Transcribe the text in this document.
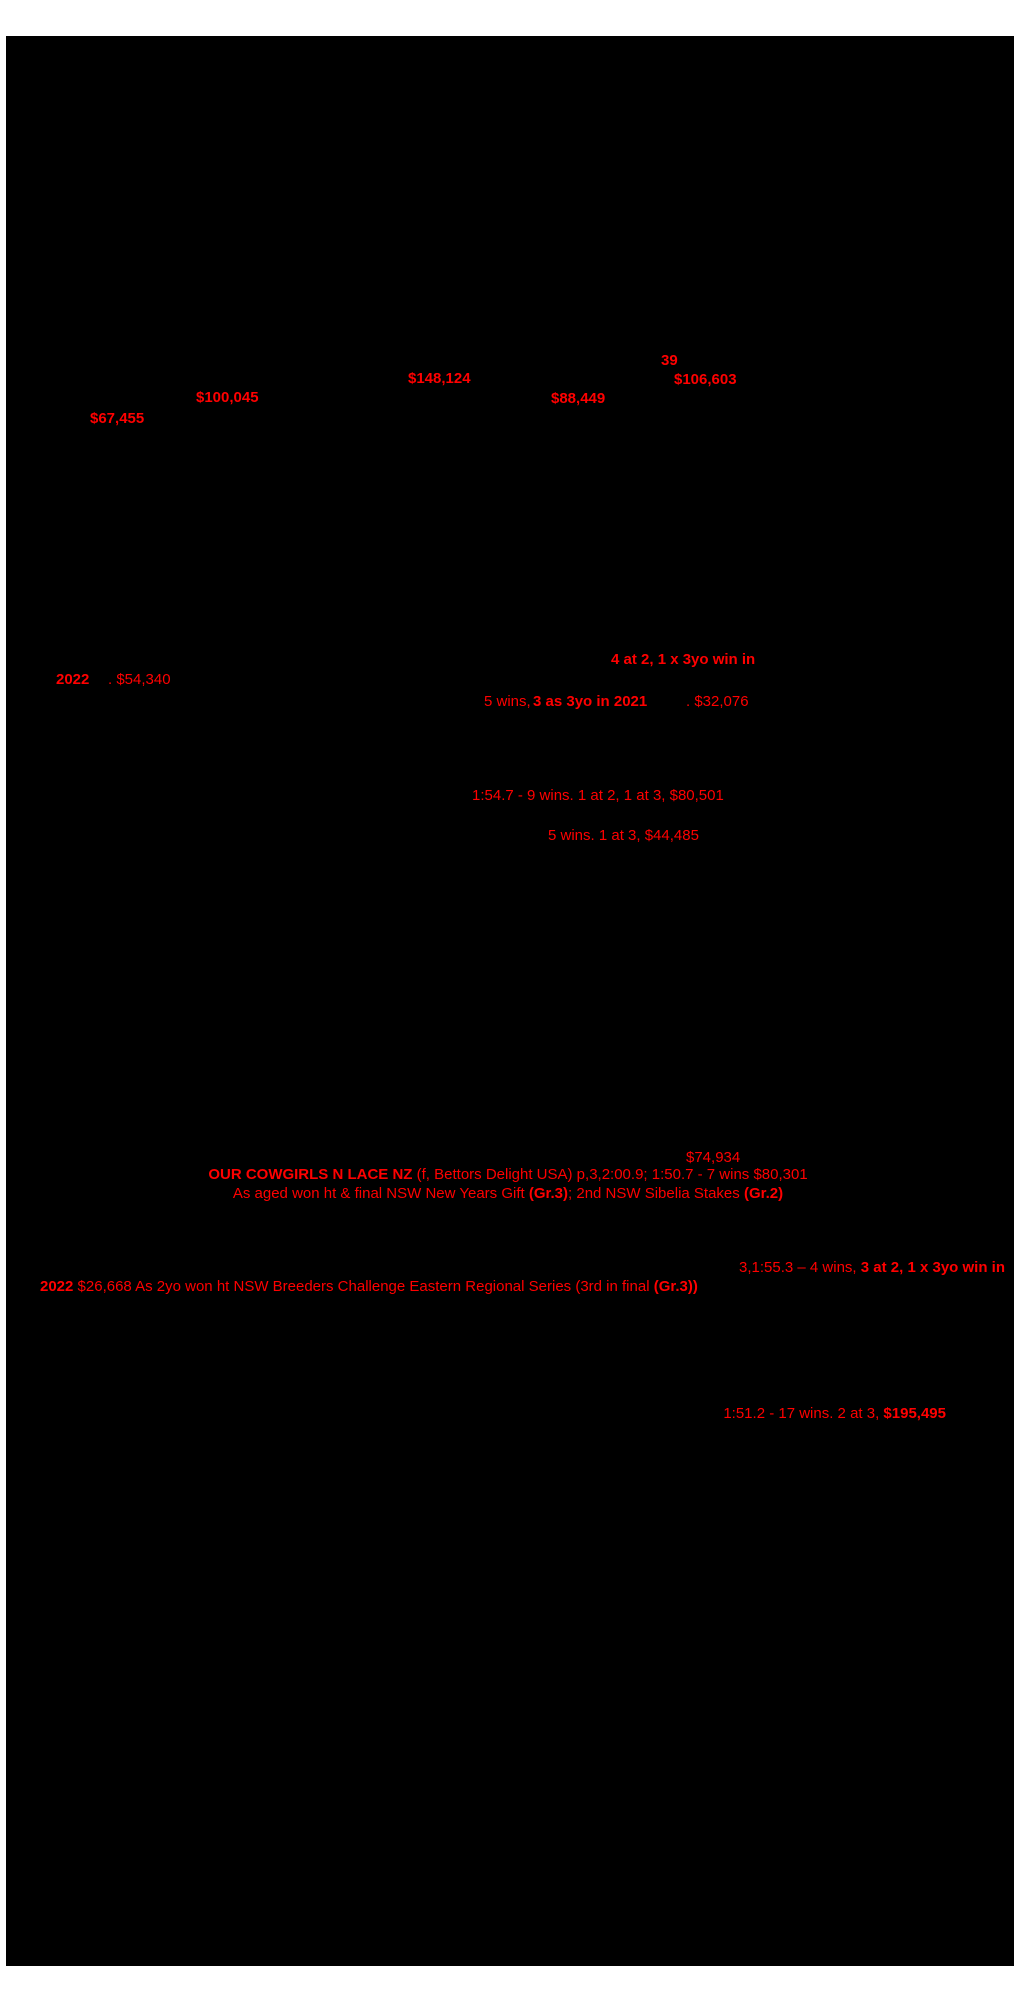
$67,455
$100,045
$148,124
$88,449
39
$106,603
4 at 2, 1 x 3yo win in
2022 . $54,340
5 wins,
3 as 3yo in 2021	. $32,076
1:54.7 - 9 wins. 1 at 2, 1 at 3, $80,501
5 wins. 1 at 3, $44,485
$74,934
OUR COWGIRLS N LACE NZ (f, Bettors Delight USA) p,3,2:00.9; 1:50.7 - 7 wins $80,301
As aged won ht & final NSW New Years Gift (Gr.3); 2nd NSW Sibelia Stakes (Gr.2)
3,1:55.3 – 4 wins, 3 at 2, 1 x 3yo win in
2022 $26,668 As 2yo won ht NSW Breeders Challenge Eastern Regional Series (3rd in final (Gr.3))
1:51.2 - 17 wins. 2 at 3, $195,495
